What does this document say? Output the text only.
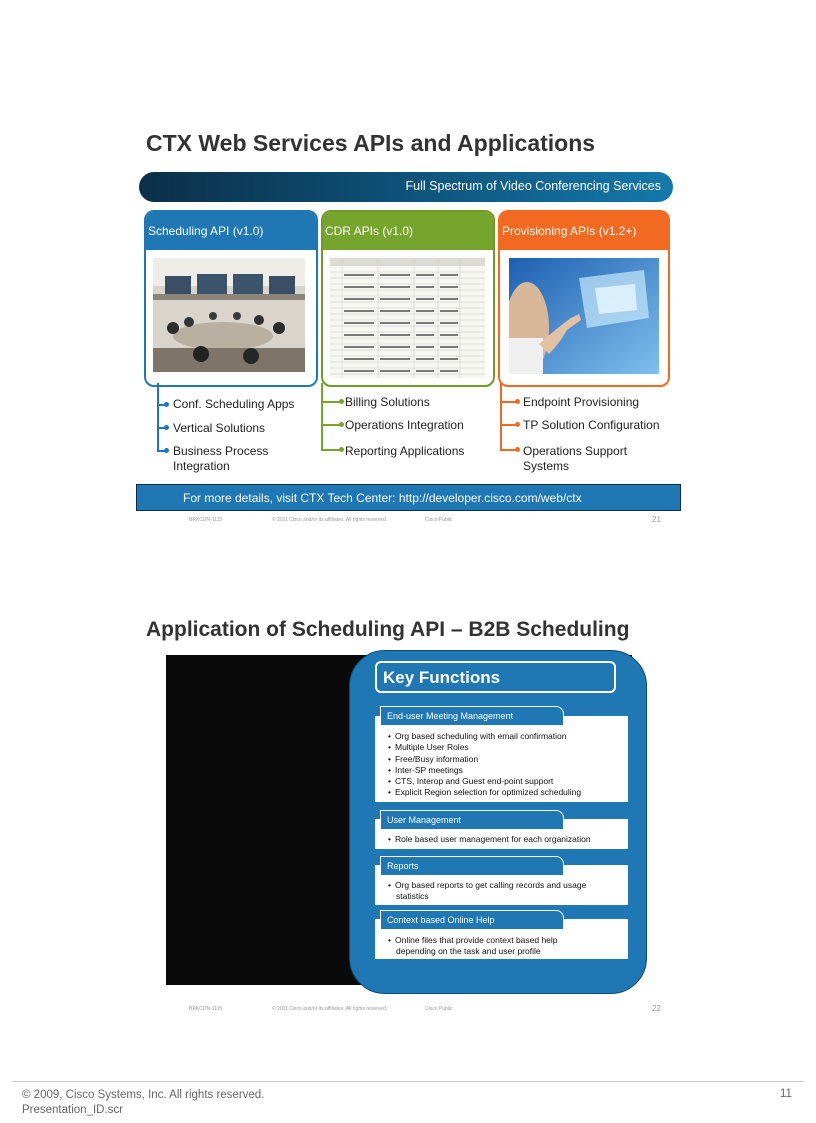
CTX Web Services APIs and Applications
Full Spectrum of Video Conferencing Services
Scheduling API (v1.0)	CDR APIs (v1.0)	Provisioning APIs (v1.2+)
Conf. Scheduling Apps
Vertical Solutions
Business Process
Integration
Billing Solutions
Operations Integration
Reporting Applications
Endpoint Provisioning
TP Solution Configuration
Operations Support
Systems
For more details, visit CTX Tech Center: http://developer.cisco.com/web/ctx
BRKCDN-1115	© 2011 Cisco and/or its affiliates. All rights reserved.	Cisco Public	21
Application of Scheduling API – B2B Scheduling
Key Functions
End-user Meeting Management
• Org based scheduling with email confirmation
• Multiple User Roles
• Free/Busy information
• Inter-SP meetings
• CTS, Interop and Guest end-point support
• Explicit Region selection for optimized scheduling
User Management
• Role based user management for each organization
Reports
• Org based reports to get calling records and usage
statistics
Context based Online Help
• Online files that provide context based help
depending on the task and user profile
BRKCDN-1115	© 2011 Cisco and/or its affiliates. All rights reserved.	Cisco Public	22
© 2009, Cisco Systems, Inc. All rights reserved.
Presentation_ID.scr
11
